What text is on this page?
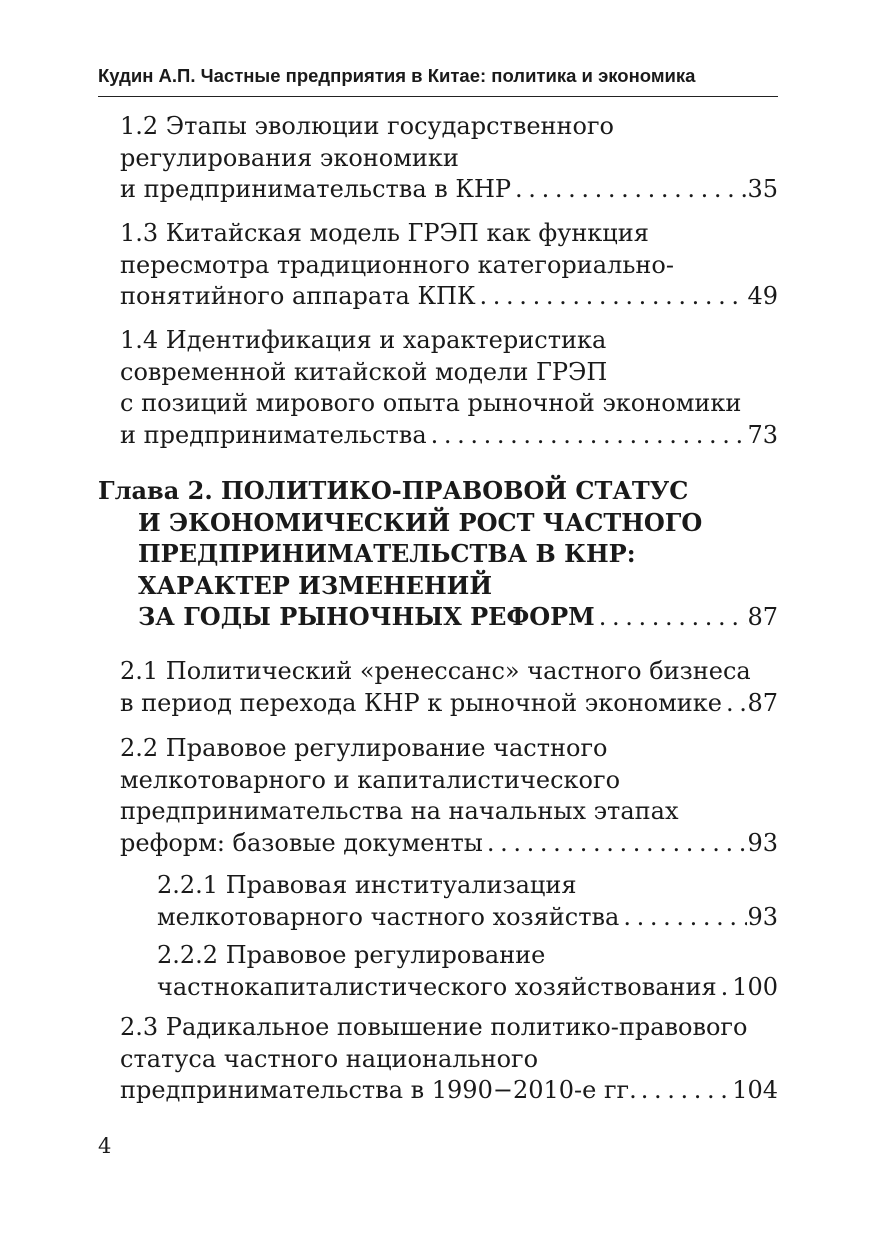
Кудин А.П. Частные предприятия в Китае: политика и экономика
1.2 Этапы эволюции государственного
регулирования экономики
и предпринимательства в КНР . . .	35
1.3 Китайская модель ГРЭП как функция
пересмотра традиционного категориально-
понятийного аппарата КПК . . .	49
1.4 Идентификация и характеристика
современной китайской модели ГРЭП
с позиций мирового опыта рыночной экономики
и предпринимательства . . .	73
Глава 2. ПОЛИТИКО-ПРАВОВОЙ СТАТУС
И ЭКОНОМИЧЕСКИЙ РОСТ ЧАСТНОГО
ПРЕДПРИНИМАТЕЛЬСТВА В КНР:
ХАРАКТЕР ИЗМЕНЕНИЙ
ЗА ГОДЫ РЫНОЧНЫХ РЕФОРМ . . .	87
2.1 Политический «ренессанс» частного бизнеса
в период перехода КНР к рыночной экономике . . . 87
2.2 Правовое регулирование частного
мелкотоварного и капиталистического
предпринимательства на начальных этапах
реформ: базовые документы . . .	93
2.2.1 Правовая институализация
мелкотоварного частного хозяйства . . .	93
2.2.2 Правовое регулирование
частнокапиталистического хозяйствования . . . 100
2.3 Радикальное повышение политико-правового
статуса частного национального
предпринимательства в 1990−2010-е гг. . . .	104
4
